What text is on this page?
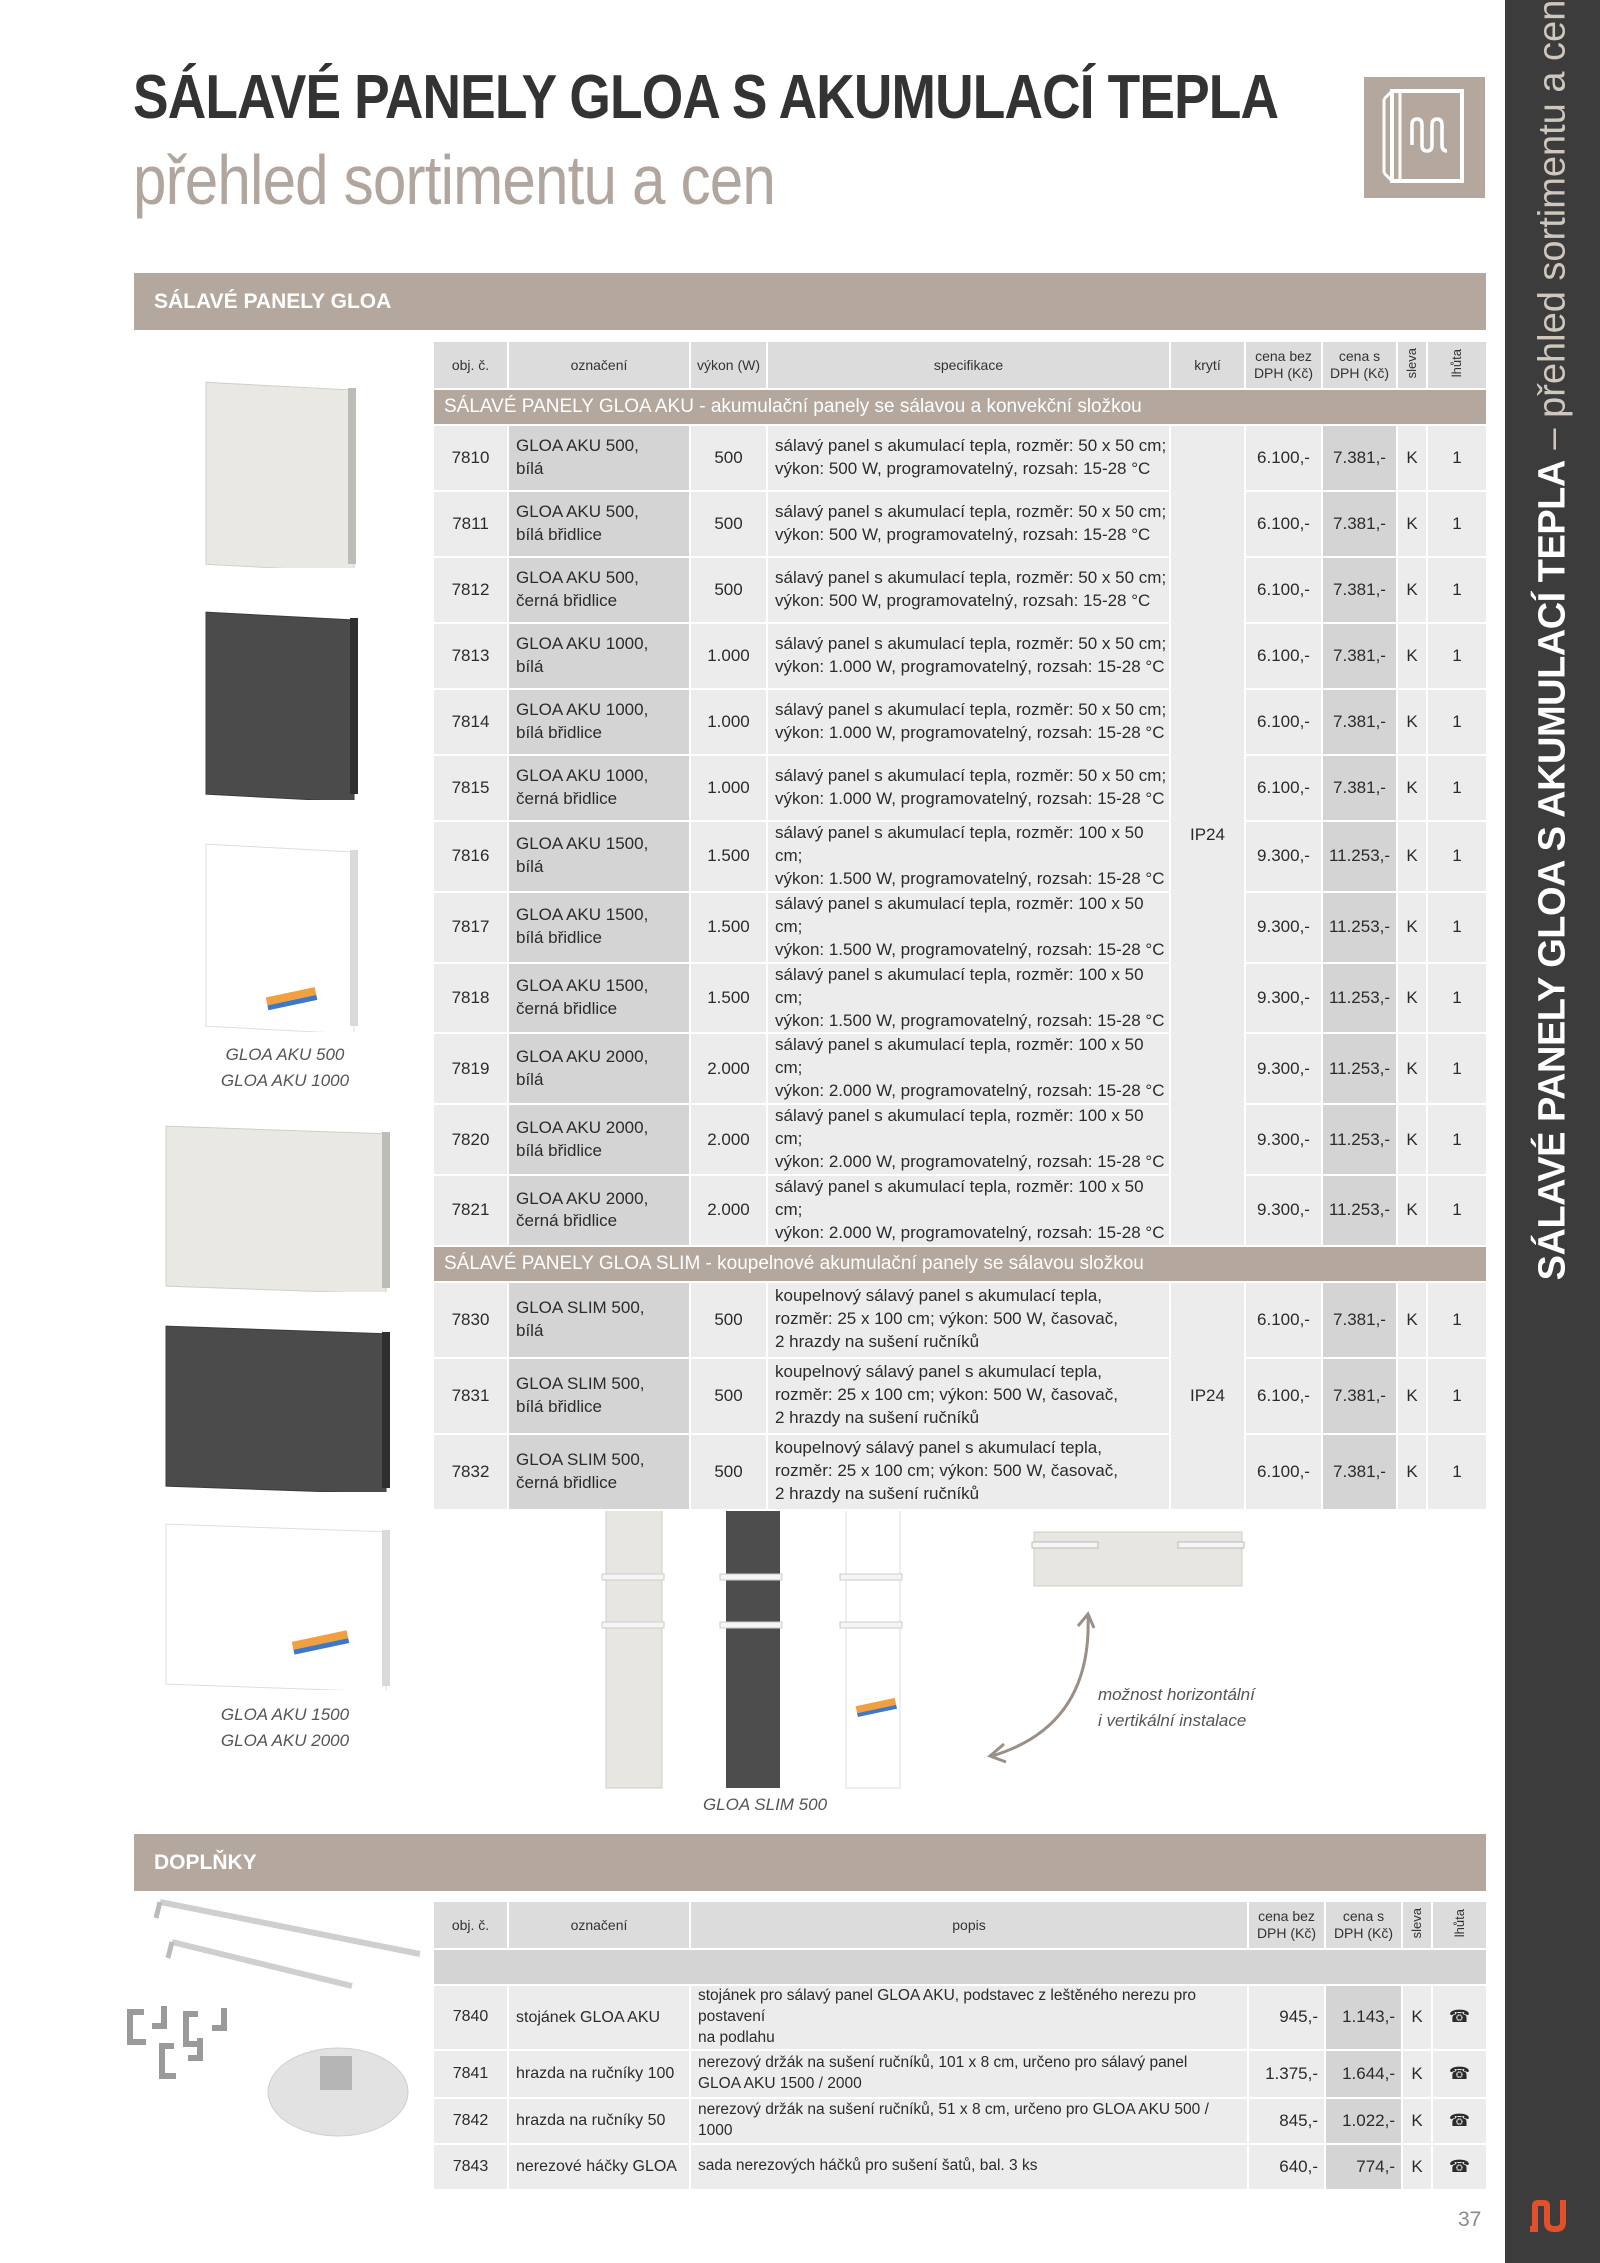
SÁLAVÉ PANELY GLOA S AKUMULACÍ TEPLA
přehled sortimentu a cen
SÁLAVÉ PANELY GLOA S AKUMULACÍ TEPLA – přehled sortimentu a cen
SÁLAVÉ PANELY GLOA
GLOA AKU 500
GLOA AKU 1000
GLOA AKU 1500
GLOA AKU 2000
GLOA SLIM 500
možnost horizontální
i vertikální instalace
obj. č.	označení	výkon (W)	specifikace	krytí	cena bez
DPH (Kč)	cena s
DPH (Kč)	sleva	lhůta
SÁLAVÉ PANELY GLOA AKU - akumulační panely se sálavou a konvekční složkou								
7810	GLOA AKU 500,
bílá	500	sálavý panel s akumulací tepla, rozměr: 50 x 50 cm;
výkon: 500 W, programovatelný, rozsah: 15-28 °C	IP24	6.100,-	7.381,-	K	1
7811	GLOA AKU 500,
bílá břidlice	500	sálavý panel s akumulací tepla, rozměr: 50 x 50 cm;
výkon: 500 W, programovatelný, rozsah: 15-28 °C		6.100,-	7.381,-	K	1
7812	GLOA AKU 500,
černá břidlice	500	sálavý panel s akumulací tepla, rozměr: 50 x 50 cm;
výkon: 500 W, programovatelný, rozsah: 15-28 °C		6.100,-	7.381,-	K	1
7813	GLOA AKU 1000,
bílá	1.000	sálavý panel s akumulací tepla, rozměr: 50 x 50 cm;
výkon: 1.000 W, programovatelný, rozsah: 15-28 °C		6.100,-	7.381,-	K	1
7814	GLOA AKU 1000,
bílá břidlice	1.000	sálavý panel s akumulací tepla, rozměr: 50 x 50 cm;
výkon: 1.000 W, programovatelný, rozsah: 15-28 °C		6.100,-	7.381,-	K	1
7815	GLOA AKU 1000,
černá břidlice	1.000	sálavý panel s akumulací tepla, rozměr: 50 x 50 cm;
výkon: 1.000 W, programovatelný, rozsah: 15-28 °C		6.100,-	7.381,-	K	1
7816	GLOA AKU 1500,
bílá	1.500	sálavý panel s akumulací tepla, rozměr: 100 x 50 cm;
výkon: 1.500 W, programovatelný, rozsah: 15-28 °C		9.300,-	11.253,-	K	1
7817	GLOA AKU 1500,
bílá břidlice	1.500	sálavý panel s akumulací tepla, rozměr: 100 x 50 cm;
výkon: 1.500 W, programovatelný, rozsah: 15-28 °C		9.300,-	11.253,-	K	1
7818	GLOA AKU 1500,
černá břidlice	1.500	sálavý panel s akumulací tepla, rozměr: 100 x 50 cm;
výkon: 1.500 W, programovatelný, rozsah: 15-28 °C		9.300,-	11.253,-	K	1
7819	GLOA AKU 2000,
bílá	2.000	sálavý panel s akumulací tepla, rozměr: 100 x 50 cm;
výkon: 2.000 W, programovatelný, rozsah: 15-28 °C		9.300,-	11.253,-	K	1
7820	GLOA AKU 2000,
bílá břidlice	2.000	sálavý panel s akumulací tepla, rozměr: 100 x 50 cm;
výkon: 2.000 W, programovatelný, rozsah: 15-28 °C		9.300,-	11.253,-	K	1
7821	GLOA AKU 2000,
černá břidlice	2.000	sálavý panel s akumulací tepla, rozměr: 100 x 50 cm;
výkon: 2.000 W, programovatelný, rozsah: 15-28 °C		9.300,-	11.253,-	K	1
SÁLAVÉ PANELY GLOA SLIM - koupelnové akumulační panely se sálavou složkou								
7830	GLOA SLIM 500,
bílá	500	koupelnový sálavý panel s akumulací tepla,
rozměr: 25 x 100 cm; výkon: 500 W, časovač,
2 hrazdy na sušení ručníků	IP24	6.100,-	7.381,-	K	1
7831	GLOA SLIM 500,
bílá břidlice	500	koupelnový sálavý panel s akumulací tepla,
rozměr: 25 x 100 cm; výkon: 500 W, časovač,
2 hrazdy na sušení ručníků		6.100,-	7.381,-	K	1
7832	GLOA SLIM 500,
černá břidlice	500	koupelnový sálavý panel s akumulací tepla,
rozměr: 25 x 100 cm; výkon: 500 W, časovač,
2 hrazdy na sušení ručníků		6.100,-	7.381,-	K	1
DOPLŇKY
obj. č.	označení	popis	cena bez
DPH (Kč)	cena s
DPH (Kč)	sleva	lhůta

7840	stojánek GLOA AKU	stojánek pro sálavý panel GLOA AKU, podstavec z leštěného nerezu pro postavení
na podlahu	945,-	1.143,-	K	☎
7841	hrazda na ručníky 100	nerezový držák na sušení ručníků, 101 x 8 cm, určeno pro sálavý panel
GLOA AKU 1500 / 2000	1.375,-	1.644,-	K	☎
7842	hrazda na ručníky 50	nerezový držák na sušení ručníků, 51 x 8 cm, určeno pro GLOA AKU 500 / 1000	845,-	1.022,-	K	☎
7843	nerezové háčky GLOA	sada nerezových háčků pro sušení šatů, bal. 3 ks	640,-	774,-	K	☎
37
